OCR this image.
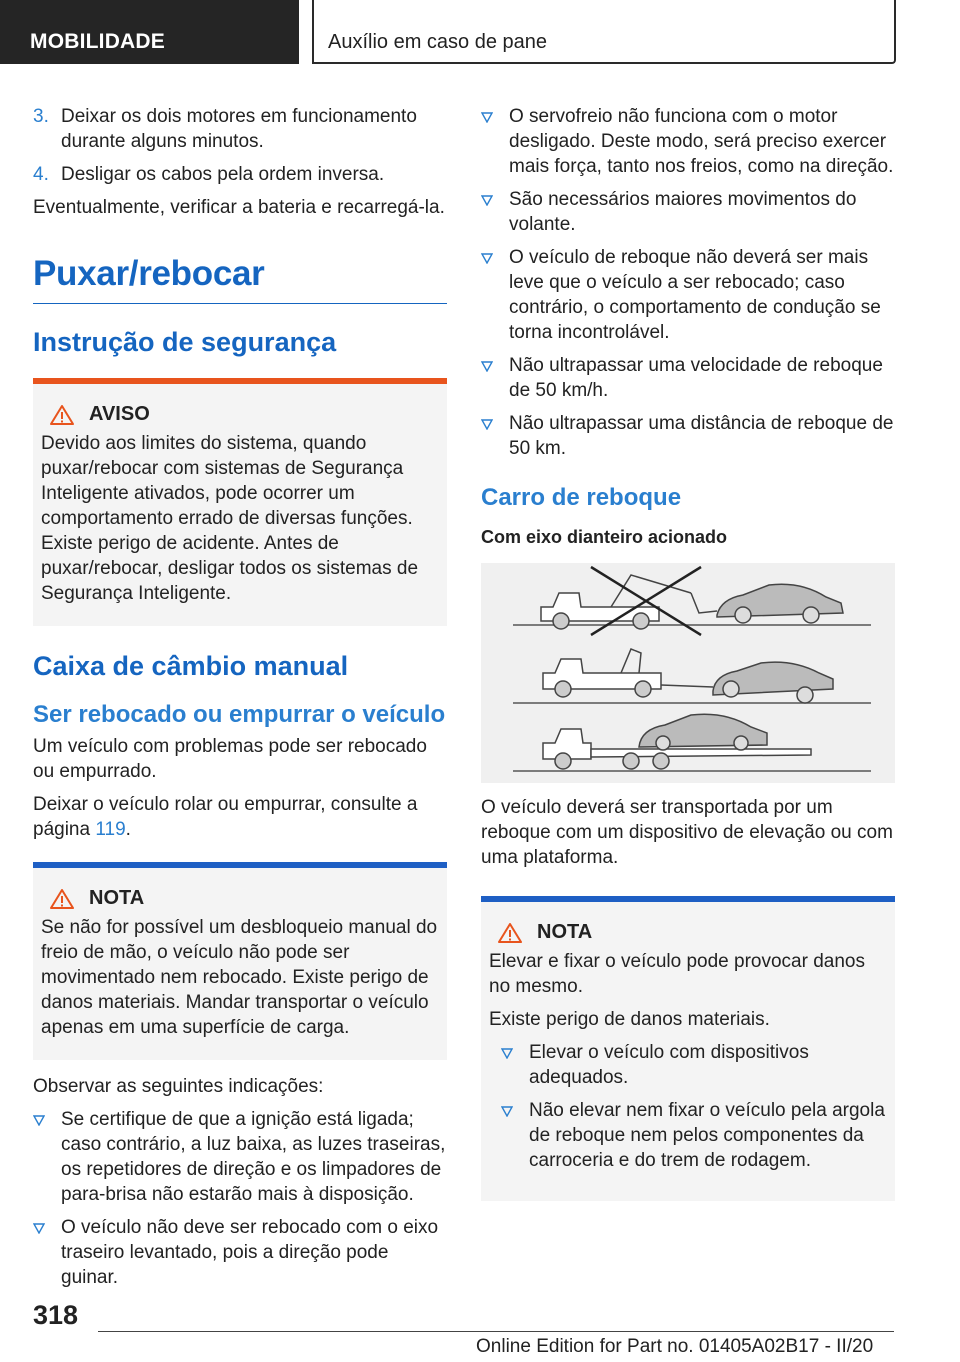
MOBILIDADE	Auxílio em caso de pane
3. Deixar os dois motores em funcionamento durante alguns minutos.
4. Desligar os cabos pela ordem inversa.
Eventualmente, verificar a bateria e recarregá-la.
Puxar/rebocar
Instrução de segurança
AVISO
Devido aos limites do sistema, quando puxar/rebocar com sistemas de Segurança Inteligente ativados, pode ocorrer um comportamento errado de diversas funções. Existe perigo de acidente. Antes de puxar/rebocar, desligar todos os sistemas de Segurança Inteligente.
Caixa de câmbio manual
Ser rebocado ou empurrar o veículo
Um veículo com problemas pode ser rebocado ou empurrado.
Deixar o veículo rolar ou empurrar, consulte a página 119.
NOTA
Se não for possível um desbloqueio manual do freio de mão, o veículo não pode ser movimentado nem rebocado. Existe perigo de danos materiais. Mandar transportar o veículo apenas em uma superfície de carga.
Observar as seguintes indicações:
Se certifique de que a ignição está ligada; caso contrário, a luz baixa, as luzes traseiras, os repetidores de direção e os limpadores de para-brisa não estarão mais à disposição.
O veículo não deve ser rebocado com o eixo traseiro levantado, pois a direção pode guinar.
O servofreio não funciona com o motor desligado. Deste modo, será preciso exercer mais força, tanto nos freios, como na direção.
São necessários maiores movimentos do volante.
O veículo de reboque não deverá ser mais leve que o veículo a ser rebocado; caso contrário, o comportamento de condução se torna incontrolável.
Não ultrapassar uma velocidade de reboque de 50 km/h.
Não ultrapassar uma distância de reboque de 50 km.
Carro de reboque
Com eixo dianteiro acionado
O veículo deverá ser transportada por um reboque com um dispositivo de elevação ou com uma plataforma.
NOTA

Elevar e fixar o veículo pode provocar danos no mesmo.

Existe perigo de danos materiais.

Elevar o veículo com dispositivos adequados.
Não elevar nem fixar o veículo pela argola de reboque nem pelos componentes da carroceria e do trem de rodagem.
318
Online Edition for Part no. 01405A02B17 - II/20
